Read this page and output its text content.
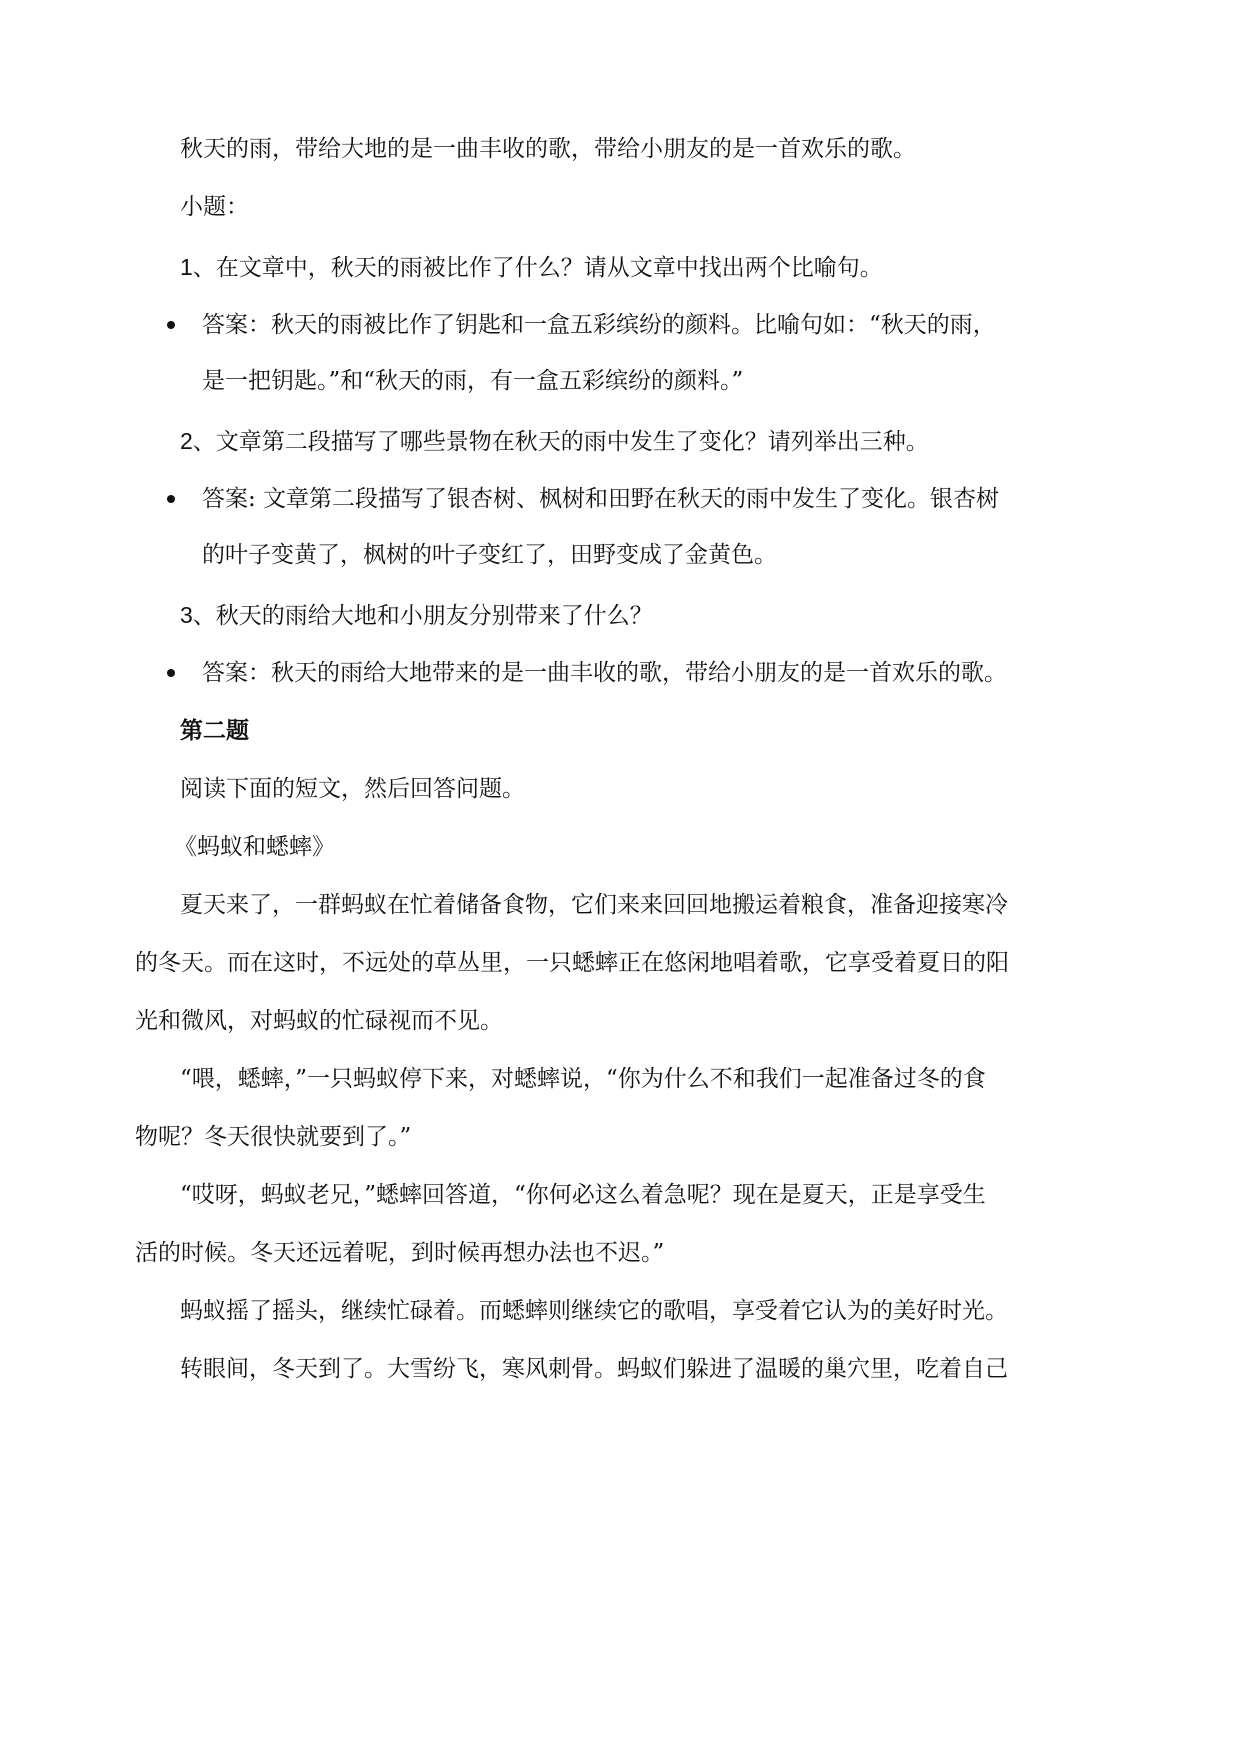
秋天的雨，带给大地的是一曲丰收的歌，带给小朋友的是一首欢乐的歌。
小题：
1、在文章中，秋天的雨被比作了什么？请从文章中找出两个比喻句。
答案：秋天的雨被比作了钥匙和一盒五彩缤纷的颜料。比喻句如：“秋天的雨，
是一把钥匙。”和“秋天的雨，有一盒五彩缤纷的颜料。”
2、文章第二段描写了哪些景物在秋天的雨中发生了变化？请列举出三种。
答案: 文章第二段描写了银杏树、枫树和田野在秋天的雨中发生了变化。银杏树
的叶子变黄了，枫树的叶子变红了，田野变成了金黄色。
3、秋天的雨给大地和小朋友分别带来了什么？
答案：秋天的雨给大地带来的是一曲丰收的歌，带给小朋友的是一首欢乐的歌。
第二题
阅读下面的短文，然后回答问题。
《蚂蚁和蟋蟀》
夏天来了，一群蚂蚁在忙着储备食物，它们来来回回地搬运着粮食，准备迎接寒冷
的冬天。而在这时，不远处的草丛里，一只蟋蟀正在悠闲地唱着歌，它享受着夏日的阳
光和微风，对蚂蚁的忙碌视而不见。
“喂，蟋蟀，”一只蚂蚁停下来，对蟋蟀说，“你为什么不和我们一起准备过冬的食
物呢？冬天很快就要到了。”
“哎呀，蚂蚁老兄，”蟋蟀回答道，“你何必这么着急呢？现在是夏天，正是享受生
活的时候。冬天还远着呢，到时候再想办法也不迟。”
蚂蚁摇了摇头，继续忙碌着。而蟋蟀则继续它的歌唱，享受着它认为的美好时光。
转眼间，冬天到了。大雪纷飞，寒风刺骨。蚂蚁们躲进了温暖的巢穴里，吃着自己
